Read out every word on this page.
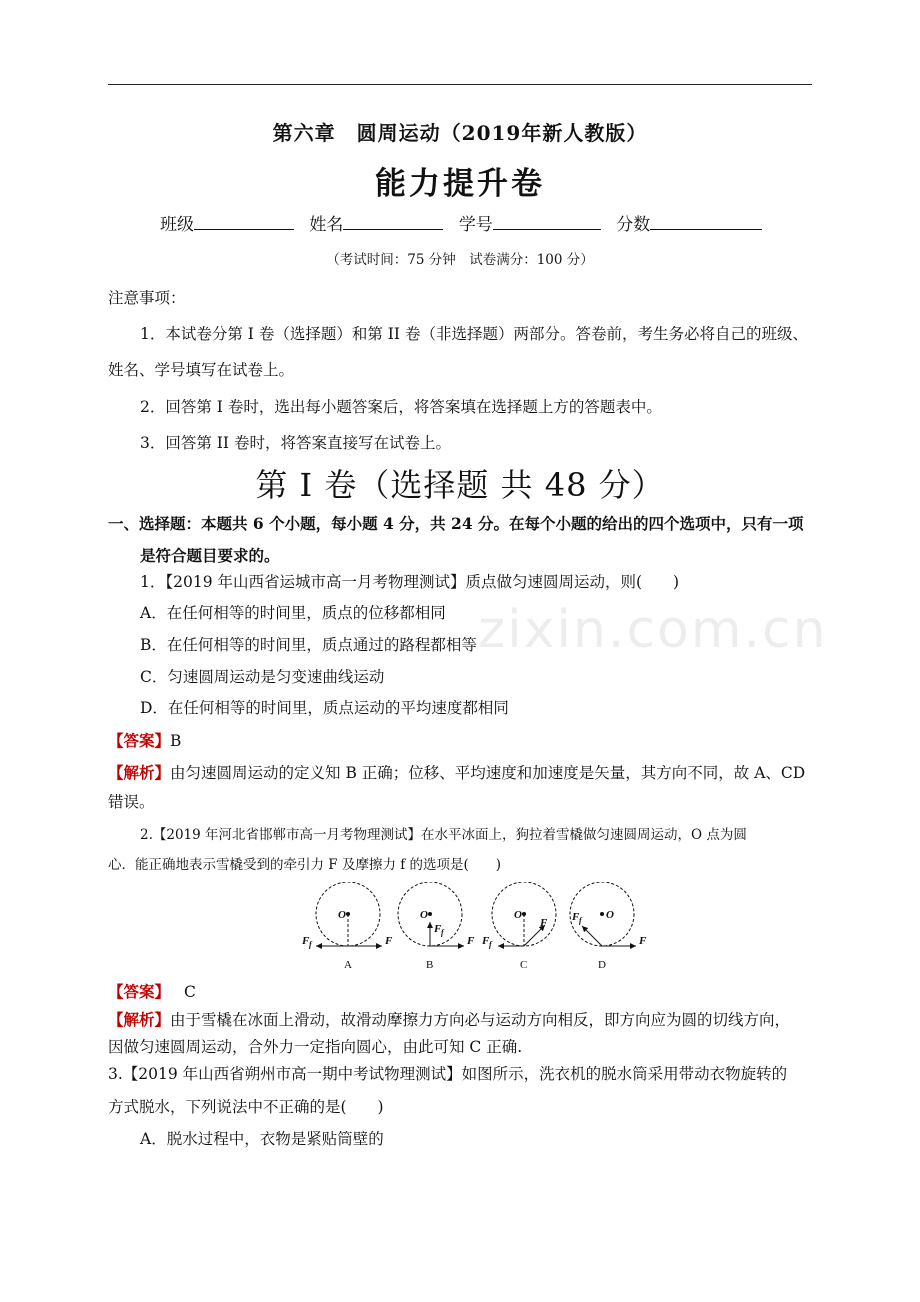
zixin.com.cn
第六章　圆周运动（2019年新人教版）
能力提升卷
班级	姓名	学号	分数
（考试时间：75 分钟　试卷满分：100 分）
注意事项：
1．本试卷分第 I 卷（选择题）和第 II 卷（非选择题）两部分。答卷前，考生务必将自己的班级、
姓名、学号填写在试卷上。
2．回答第 I 卷时，选出每小题答案后，将答案填在选择题上方的答题表中。
3．回答第 II 卷时，将答案直接写在试卷上。
第 I 卷（选择题 共 48 分）
一、选择题：本题共 6 个小题，每小题 4 分，共 24 分。在每个小题的给出的四个选项中，只有一项
是符合题目要求的。
1．【2019 年山西省运城市高一月考物理测试】质点做匀速圆周运动，则(　　)
A．在任何相等的时间里，质点的位移都相同
B．在任何相等的时间里，质点通过的路程都相等
C．匀速圆周运动是匀变速曲线运动
D．在任何相等的时间里，质点运动的平均速度都相同
【答案】B
【解析】由匀速圆周运动的定义知 B 正确；位移、平均速度和加速度是矢量，其方向不同，故 A、CD
错误。
2.【2019 年河北省邯郸市高一月考物理测试】在水平冰面上，狗拉着雪橇做匀速圆周运动，O 点为圆
心．能正确地表示雪橇受到的牵引力 F 及摩擦力 f 的选项是(　　)
O
F
F f
A
O
F f
F
B
O
F
F f
C
O
F f
F
D
【答案】 C
【解析】由于雪橇在冰面上滑动，故滑动摩擦力方向必与运动方向相反，即方向应为圆的切线方向，
因做匀速圆周运动，合外力一定指向圆心，由此可知 C 正确.
3.【2019 年山西省朔州市高一期中考试物理测试】如图所示，洗衣机的脱水筒采用带动衣物旋转的
方式脱水，下列说法中不正确的是(　　)
A．脱水过程中，衣物是紧贴筒壁的
